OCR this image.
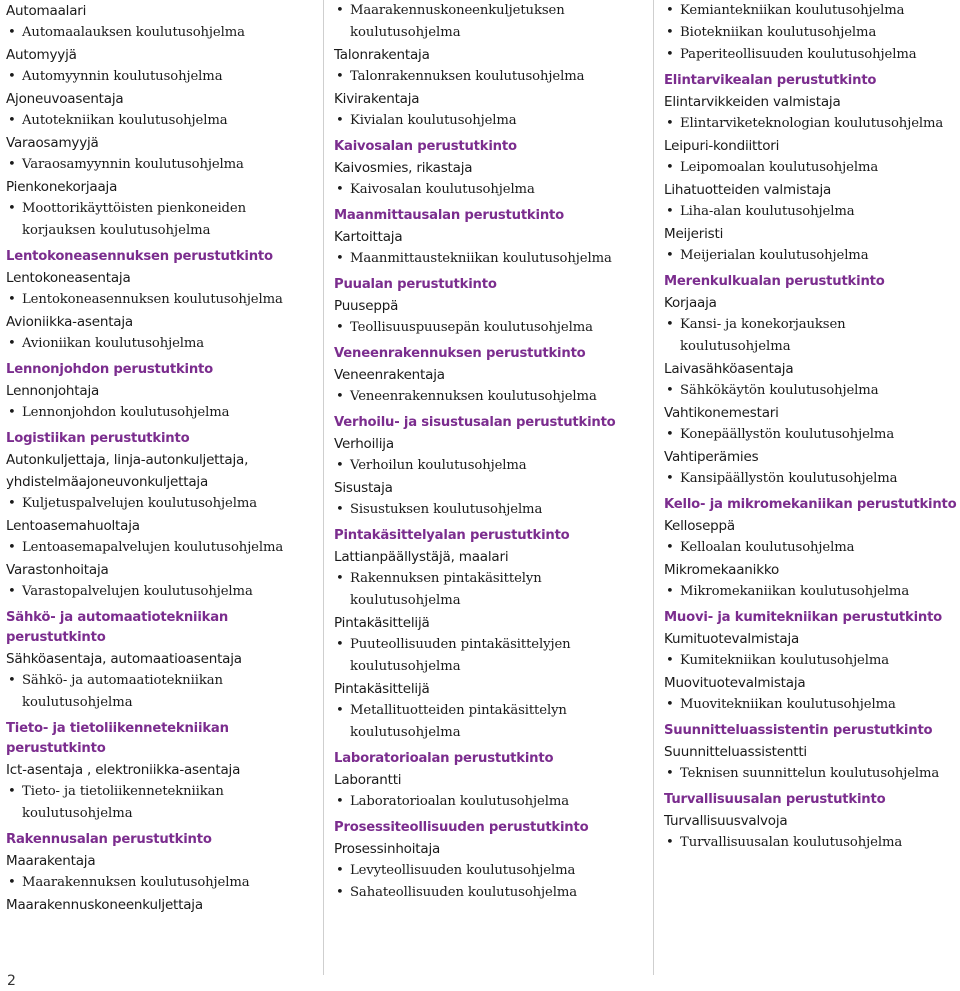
Automaalari
• Automaalauksen koulutusohjelma
Automyyjä
• Automyynnin koulutusohjelma
Ajoneuvoasentaja
• Autotekniikan koulutusohjelma
Varaosamyyjä
• Varaosamyynnin koulutusohjelma
Pienkonekorjaaja
• Moottorikäyttöisten pienkoneiden
korjauksen koulutusohjelma
Lentokoneasennuksen perustutkinto
Lentokoneasentaja
• Lentokoneasennuksen koulutusohjelma
Avioniikka-asentaja
• Avioniikan koulutusohjelma
Lennonjohdon perustutkinto
Lennonjohtaja
• Lennonjohdon koulutusohjelma
Logistiikan perustutkinto
Autonkuljettaja, linja-autonkuljettaja,
yhdistelmäajoneuvonkuljettaja
• Kuljetuspalvelujen koulutusohjelma
Lentoasemahuoltaja
• Lentoasemapalvelujen koulutusohjelma
Varastonhoitaja
• Varastopalvelujen koulutusohjelma
Sähkö- ja automaatiotekniikan
perustutkinto
Sähköasentaja, automaatioasentaja
• Sähkö- ja automaatiotekniikan
koulutusohjelma
Tieto- ja tietoliikennetekniikan
perustutkinto
Ict-asentaja , elektroniikka-asentaja
• Tieto- ja tietoliikennetekniikan
koulutusohjelma
Rakennusalan perustutkinto
Maarakentaja
• Maarakennuksen koulutusohjelma
Maarakennuskoneenkuljettaja
• Maarakennuskoneenkuljetuksen
koulutusohjelma
Talonrakentaja
• Talonrakennuksen koulutusohjelma
Kivirakentaja
• Kivialan koulutusohjelma
Kaivosalan perustutkinto
Kaivosmies, rikastaja
• Kaivosalan koulutusohjelma
Maanmittausalan perustutkinto
Kartoittaja
• Maanmittaustekniikan koulutusohjelma
Puualan perustutkinto
Puuseppä
• Teollisuuspuusepän koulutusohjelma
Veneenrakennuksen perustutkinto
Veneenrakentaja
• Veneenrakennuksen koulutusohjelma
Verhoilu- ja sisustusalan perustutkinto
Verhoilija
• Verhoilun koulutusohjelma
Sisustaja
• Sisustuksen koulutusohjelma
Pintakäsittelyalan perustutkinto
Lattianpäällystäjä, maalari
• Rakennuksen pintakäsittelyn
koulutusohjelma
Pintakäsittelijä
• Puuteollisuuden pintakäsittelyjen
koulutusohjelma
Pintakäsittelijä
• Metallituotteiden pintakäsittelyn
koulutusohjelma
Laboratorioalan perustutkinto
Laborantti
• Laboratorioalan koulutusohjelma
Prosessiteollisuuden perustutkinto
Prosessinhoitaja
• Levyteollisuuden koulutusohjelma
• Sahateollisuuden koulutusohjelma
• Kemiantekniikan koulutusohjelma
• Biotekniikan koulutusohjelma
• Paperiteollisuuden koulutusohjelma
Elintarvikealan perustutkinto
Elintarvikkeiden valmistaja
• Elintarviketeknologian koulutusohjelma
Leipuri-kondiittori
• Leipomoalan koulutusohjelma
Lihatuotteiden valmistaja
• Liha-alan koulutusohjelma
Meijeristi
• Meijerialan koulutusohjelma
Merenkulkualan perustutkinto
Korjaaja
• Kansi- ja konekorjauksen
koulutusohjelma
Laivasähköasentaja
• Sähkökäytön koulutusohjelma
Vahtikonemestari
• Konepäällystön koulutusohjelma
Vahtiperämies
• Kansipäällystön koulutusohjelma
Kello- ja mikromekaniikan perustutkinto
Kelloseppä
• Kelloalan koulutusohjelma
Mikromekaanikko
• Mikromekaniikan koulutusohjelma
Muovi- ja kumitekniikan perustutkinto
Kumituotevalmistaja
• Kumitekniikan koulutusohjelma
Muovituotevalmistaja
• Muovitekniikan koulutusohjelma
Suunnitteluassistentin perustutkinto
Suunnitteluassistentti
• Teknisen suunnittelun koulutusohjelma
Turvallisuusalan perustutkinto
Turvallisuusvalvoja
• Turvallisuusalan koulutusohjelma
2
